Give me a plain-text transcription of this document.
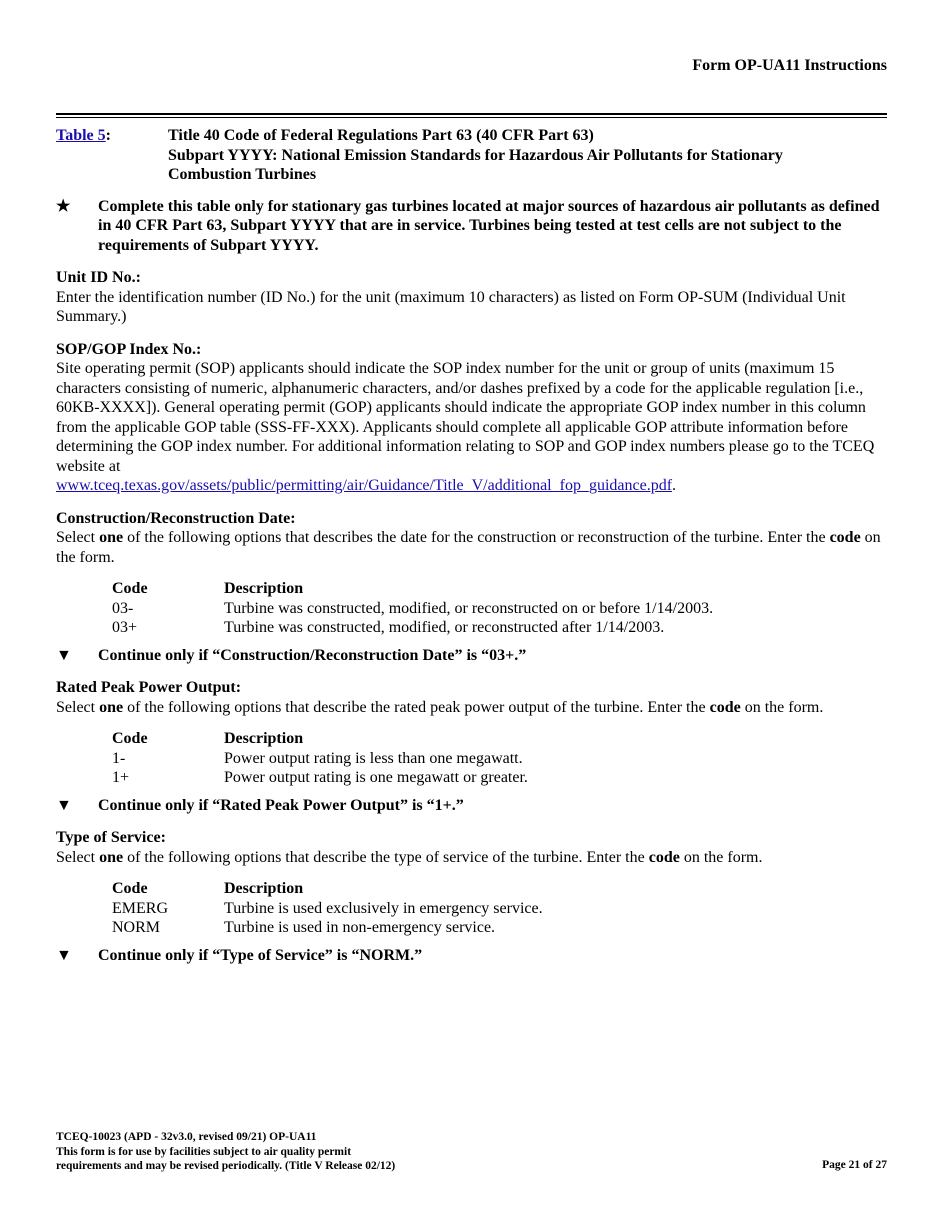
Form OP-UA11 Instructions
Table 5:	Title 40 Code of Federal Regulations Part 63 (40 CFR Part 63)
Subpart YYYY: National Emission Standards for Hazardous Air Pollutants for Stationary
Combustion Turbines
★	Complete this table only for stationary gas turbines located at major sources of hazardous air pollutants as defined in 40 CFR Part 63, Subpart YYYY that are in service. Turbines being tested at test cells are not subject to the requirements of Subpart YYYY.
Unit ID No.:

Enter the identification number (ID No.) for the unit (maximum 10 characters) as listed on Form OP-SUM (Individual Unit Summary.)

SOP/GOP Index No.:

Site operating permit (SOP) applicants should indicate the SOP index number for the unit or group of units (maximum 15 characters consisting of numeric, alphanumeric characters, and/or dashes prefixed by a code for the applicable regulation [i.e., 60KB-XXXX]). General operating permit (GOP) applicants should indicate the appropriate GOP index number in this column from the applicable GOP table (SSS-FF-XXX). Applicants should complete all applicable GOP attribute information before determining the GOP index number. For additional information relating to SOP and GOP index numbers please go to the TCEQ website at
www.tceq.texas.gov/assets/public/permitting/air/Guidance/Title_V/additional_fop_guidance.pdf.

Construction/Reconstruction Date:

Select one of the following options that describes the date for the construction or reconstruction of the turbine. Enter the code on the form.

Code	Description
03-	Turbine was constructed, modified, or reconstructed on or before 1/14/2003.
03+	Turbine was constructed, modified, or reconstructed after 1/14/2003.
▼	Continue only if “Construction/Reconstruction Date” is “03+.”
Rated Peak Power Output:

Select one of the following options that describe the rated peak power output of the turbine. Enter the code on the form.

Code	Description
1-	Power output rating is less than one megawatt.
1+	Power output rating is one megawatt or greater.
▼	Continue only if “Rated Peak Power Output” is “1+.”
Type of Service:

Select one of the following options that describe the type of service of the turbine. Enter the code on the form.

Code	Description
EMERG	Turbine is used exclusively in emergency service.
NORM	Turbine is used in non-emergency service.
▼	Continue only if “Type of Service” is “NORM.”
TCEQ-10023 (APD - 32v3.0, revised 09/21) OP-UA11
This form is for use by facilities subject to air quality permit
requirements and may be revised periodically. (Title V Release 02/12)	Page 21 of 27
